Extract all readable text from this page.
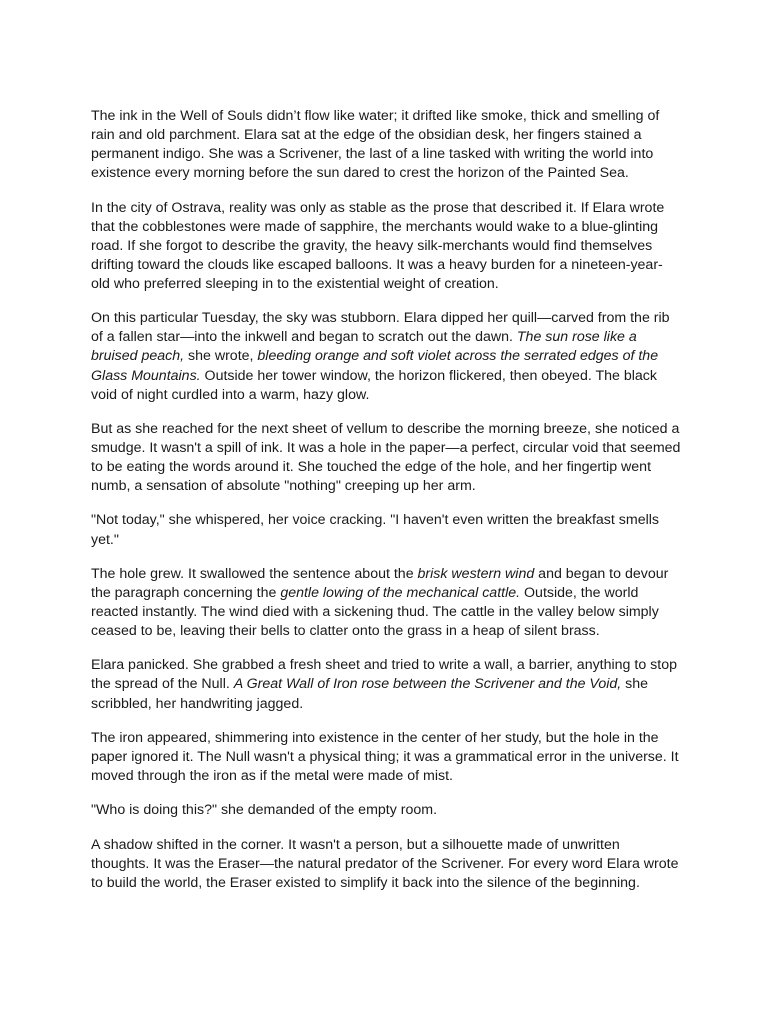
The ink in the Well of Souls didn’t flow like water; it drifted like smoke, thick and smelling of rain and old parchment. Elara sat at the edge of the obsidian desk, her fingers stained a permanent indigo. She was a Scrivener, the last of a line tasked with writing the world into existence every morning before the sun dared to crest the horizon of the Painted Sea.

In the city of Ostrava, reality was only as stable as the prose that described it. If Elara wrote that the cobblestones were made of sapphire, the merchants would wake to a blue-glinting road. If she forgot to describe the gravity, the heavy silk-merchants would find themselves drifting toward the clouds like escaped balloons. It was a heavy burden for a nineteen-year-old who preferred sleeping in to the existential weight of creation.

On this particular Tuesday, the sky was stubborn. Elara dipped her quill—carved from the rib of a fallen star—into the inkwell and began to scratch out the dawn. The sun rose like a bruised peach, she wrote, bleeding orange and soft violet across the serrated edges of the Glass Mountains. Outside her tower window, the horizon flickered, then obeyed. The black void of night curdled into a warm, hazy glow.

But as she reached for the next sheet of vellum to describe the morning breeze, she noticed a smudge. It wasn't a spill of ink. It was a hole in the paper—a perfect, circular void that seemed to be eating the words around it. She touched the edge of the hole, and her fingertip went numb, a sensation of absolute "nothing" creeping up her arm.

"Not today," she whispered, her voice cracking. "I haven't even written the breakfast smells yet."

The hole grew. It swallowed the sentence about the brisk western wind and began to devour the paragraph concerning the gentle lowing of the mechanical cattle. Outside, the world reacted instantly. The wind died with a sickening thud. The cattle in the valley below simply ceased to be, leaving their bells to clatter onto the grass in a heap of silent brass.

Elara panicked. She grabbed a fresh sheet and tried to write a wall, a barrier, anything to stop the spread of the Null. A Great Wall of Iron rose between the Scrivener and the Void, she scribbled, her handwriting jagged.

The iron appeared, shimmering into existence in the center of her study, but the hole in the paper ignored it. The Null wasn't a physical thing; it was a grammatical error in the universe. It moved through the iron as if the metal were made of mist.

"Who is doing this?" she demanded of the empty room.

A shadow shifted in the corner. It wasn't a person, but a silhouette made of unwritten thoughts. It was the Eraser—the natural predator of the Scrivener. For every word Elara wrote to build the world, the Eraser existed to simplify it back into the silence of the beginning.
